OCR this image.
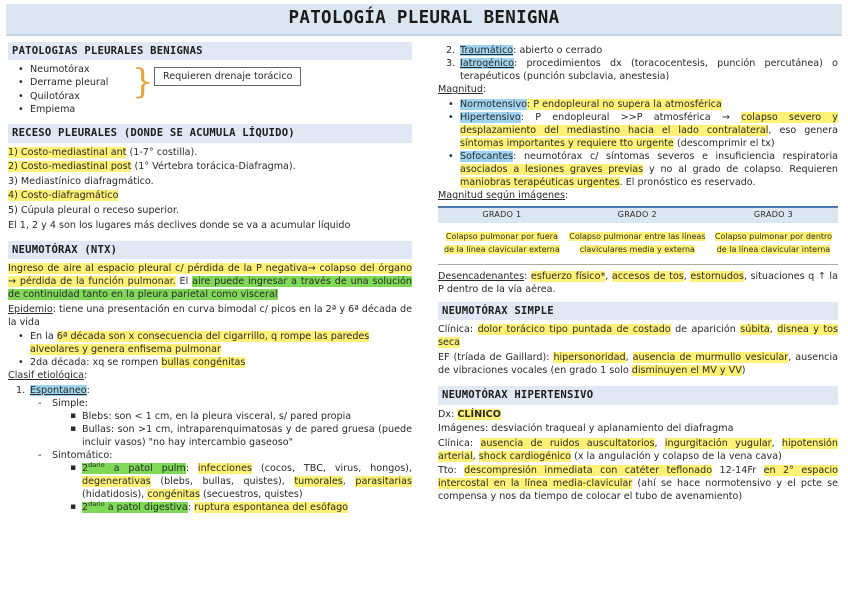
PATOLOGÍA PLEURAL BENIGNA
PATOLOGIAS PLEURALES BENIGNAS
• Neumotórax
• Derrame pleural
• Quilotórax
• Empiema
} Requieren drenaje torácico
RECESO PLEURALES (DONDE SE ACUMULA LÍQUIDO)

1) Costo-mediastinal ant (1-7° costilla).

2) Costo-mediastinal post (1° Vértebra torácica-Diafragma).

3) Mediastínico diafragmático.

4) Costo-diafragmático

5) Cúpula pleural o receso superior.

El 1, 2 y 4 son los lugares más declives donde se va a acumular líquido

NEUMOTÓRAX (NTX)

Ingreso de aire al espacio pleural c/ pérdida de la P negativa→ colapso del órgano → pérdida de la función pulmonar. El aire puede ingresar a través de una solución de continuidad tanto en la pleura parietal como visceral

Epidemio: tiene una presentación en curva bimodal c/ picos en la 2ª y 6ª década de la vida

• En la 6ª década son x consecuencia del cigarrillo, q rompe las paredes alveolares y genera enfisema pulmonar
• 2da década: xq se rompen bullas congénitas

Clasif etiológica:

1. Espontaneo:
- Simple:
▪ Blebs: son < 1 cm, en la pleura visceral, s/ pared propia
▪ Bullas: son >1 cm, intraparenquimatosas y de pared gruesa (puede incluir vasos) "no hay intercambio gaseoso"
- Sintomático:
▪ $2^{dario}$ a patol pulm: infecciones (cocos, TBC, virus, hongos), degenerativas (blebs, bullas, quistes), tumorales, parasitarias (hidatidosis), congénitas (secuestros, quistes)
▪ $2^{dario}$ a patol digestiva: ruptura espontanea del esófago
2. Traumático: abierto o cerrado
3. Iatrogénico: procedimientos dx (toracocentesis, punción percutánea) o terapéuticos (punción subclavia, anestesia)

Magnitud:

• Normotensivo: P endopleural no supera la atmosférica
• Hipertensivo: P endopleural >>P atmosférica → colapso severo y desplazamiento del mediastino hacia el lado contralateral, eso genera síntomas importantes y requiere tto urgente (descomprimir el tx)
• Sofocantes: neumotórax c/ síntomas severos e insuficiencia respiratoria asociados a lesiones graves previas y no al grado de colapso. Requieren maniobras terapéuticas urgentes. El pronóstico es reservado.

Magnitud según imágenes:

GRADO 1	GRADO 2	GRADO 3
Colapso pulmonar por fuera de la línea clavicular externa	Colapso pulmonar entre las líneas claviculares media y externa	Colapso pulmonar por dentro de la línea clavicular interna

Desencadenantes: esfuerzo físico*, accesos de tos, estornudos, situaciones q ↑ la P dentro de la vía aérea.

NEUMOTÓRAX SIMPLE

Clínica: dolor torácico tipo puntada de costado de aparición súbita, disnea y tos seca

EF (tríada de Gaillard): hipersonoridad, ausencia de murmullo vesicular, ausencia de vibraciones vocales (en grado 1 solo disminuyen el MV y VV)

NEUMOTÓRAX HIPERTENSIVO

Dx: CLÍNICO

Imágenes: desviación traqueal y aplanamiento del diafragma

Clínica: ausencia de ruidos auscultatorios, ingurgitación yugular, hipotensión arterial, shock cardiogénico (x la angulación y colapso de la vena cava)

Tto: descompresión inmediata con catéter teflonado 12-14Fr en 2° espacio intercostal en la línea media-clavicular (ahí se hace normotensivo y el pcte se compensa y nos da tiempo de colocar el tubo de avenamiento)
